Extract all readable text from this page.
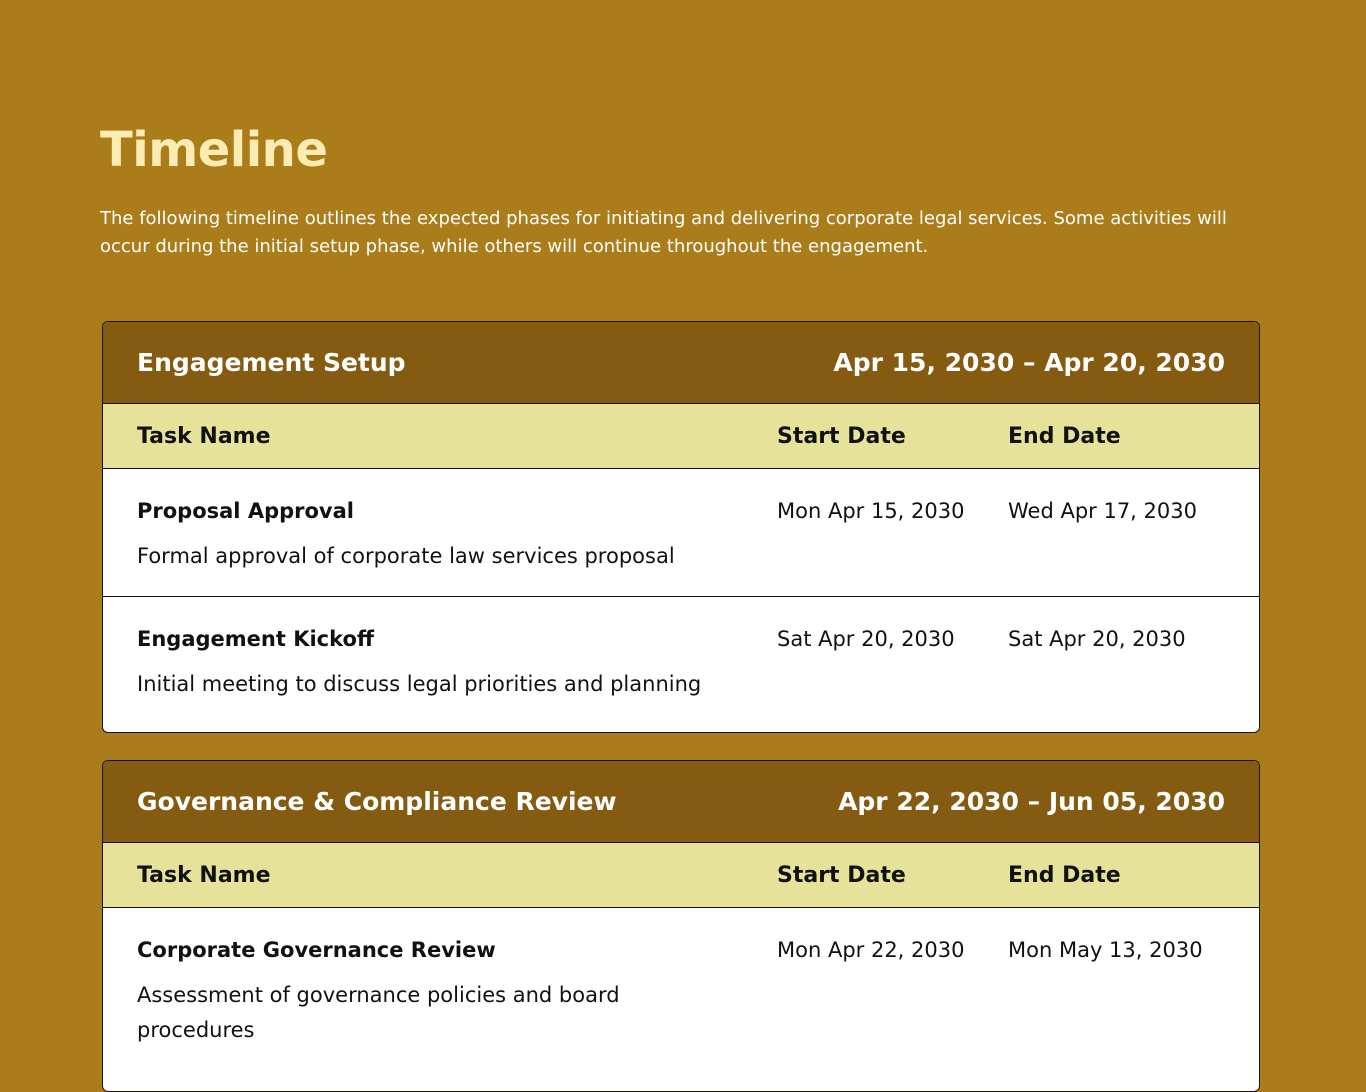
Timeline

The following timeline outlines the expected phases for initiating and delivering corporate legal services. Some activities will occur during the initial setup phase, while others will continue throughout the engagement.

Engagement Setup	Apr 15, 2030 – Apr 20, 2030
Task Name	Start Date	End Date

Proposal Approval

Formal approval of corporate law services proposal

Mon Apr 15, 2030	Wed Apr 17, 2030

Engagement Kickoff

Initial meeting to discuss legal priorities and planning

Sat Apr 20, 2030	Sat Apr 20, 2030
Governance & Compliance Review	Apr 22, 2030 – Jun 05, 2030
Task Name	Start Date	End Date

Corporate Governance Review

Assessment of governance policies and board procedures

Mon Apr 22, 2030	Mon May 13, 2030
